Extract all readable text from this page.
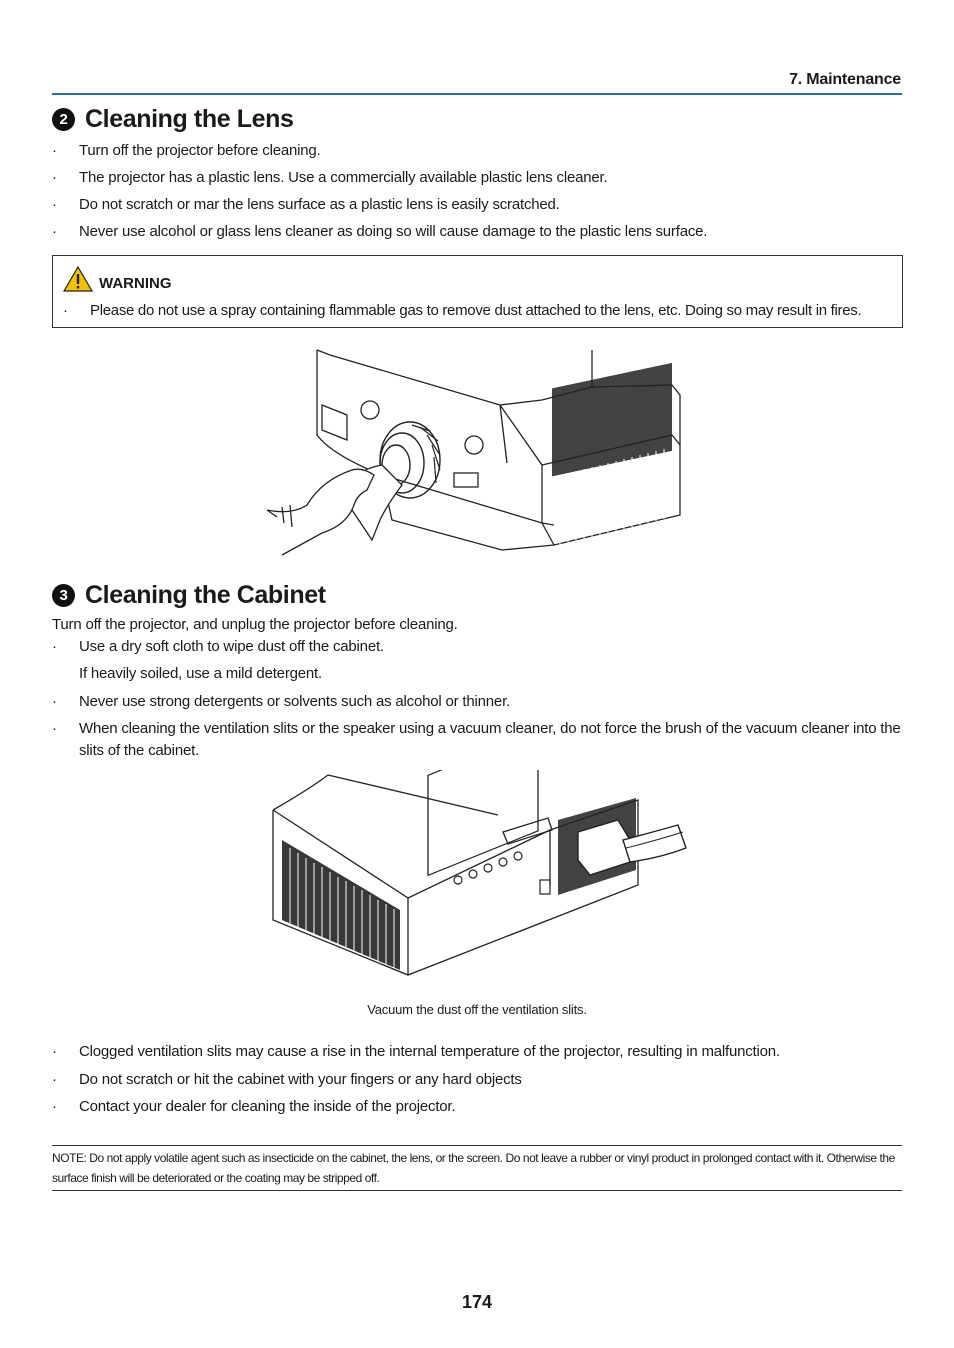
7. Maintenance
2 Cleaning the Lens
· Turn off the projector before cleaning.
· The projector has a plastic lens. Use a commercially available plastic lens cleaner.
· Do not scratch or mar the lens surface as a plastic lens is easily scratched.
· Never use alcohol or glass lens cleaner as doing so will cause damage to the plastic lens surface.
WARNING
· Please do not use a spray containing flammable gas to remove dust attached to the lens, etc. Doing so may result in fires.
3 Cleaning the Cabinet
Turn off the projector, and unplug the projector before cleaning.
· Use a dry soft cloth to wipe dust off the cabinet.
If heavily soiled, use a mild detergent.
· Never use strong detergents or solvents such as alcohol or thinner.
· When cleaning the ventilation slits or the speaker using a vacuum cleaner, do not force the brush of the vacuum cleaner into the slits of the cabinet.
Vacuum the dust off the ventilation slits.
· Clogged ventilation slits may cause a rise in the internal temperature of the projector, resulting in malfunction.
· Do not scratch or hit the cabinet with your fingers or any hard objects
· Contact your dealer for cleaning the inside of the projector.
NOTE: Do not apply volatile agent such as insecticide on the cabinet, the lens, or the screen. Do not leave a rubber or vinyl product in prolonged contact with it. Otherwise the surface finish will be deteriorated or the coating may be stripped off.
174
